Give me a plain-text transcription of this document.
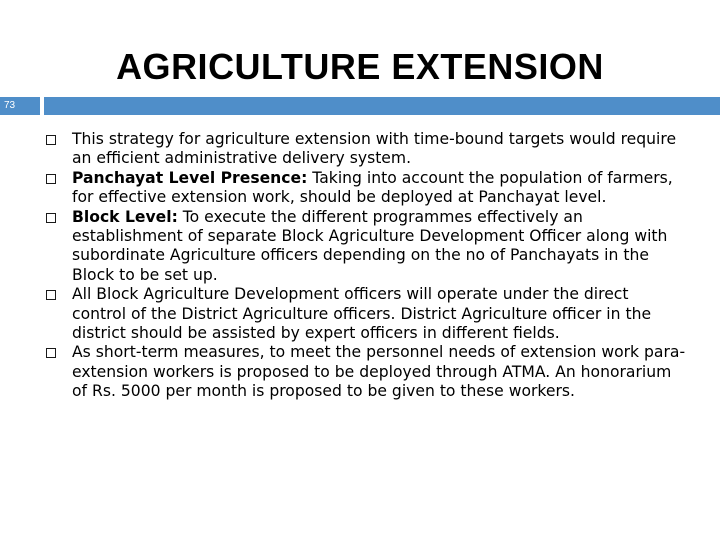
AGRICULTURE EXTENSION
73
This strategy for agriculture extension with time-bound targets would require an efficient administrative delivery system.
Panchayat Level Presence: Taking into account the population of farmers, for effective extension work, should be deployed at Panchayat level.
Block Level: To execute the different programmes effectively an establishment of separate Block Agriculture Development Officer along with subordinate Agriculture officers depending on the no of Panchayats in the Block to be set up.
All Block Agriculture Development officers will operate under the direct control of the District Agriculture officers. District Agriculture officer in the district should be assisted by expert officers in different fields.
As short-term measures, to meet the personnel needs of extension work para-extension workers is proposed to be deployed through ATMA. An honorarium of Rs. 5000 per month is proposed to be given to these workers.
